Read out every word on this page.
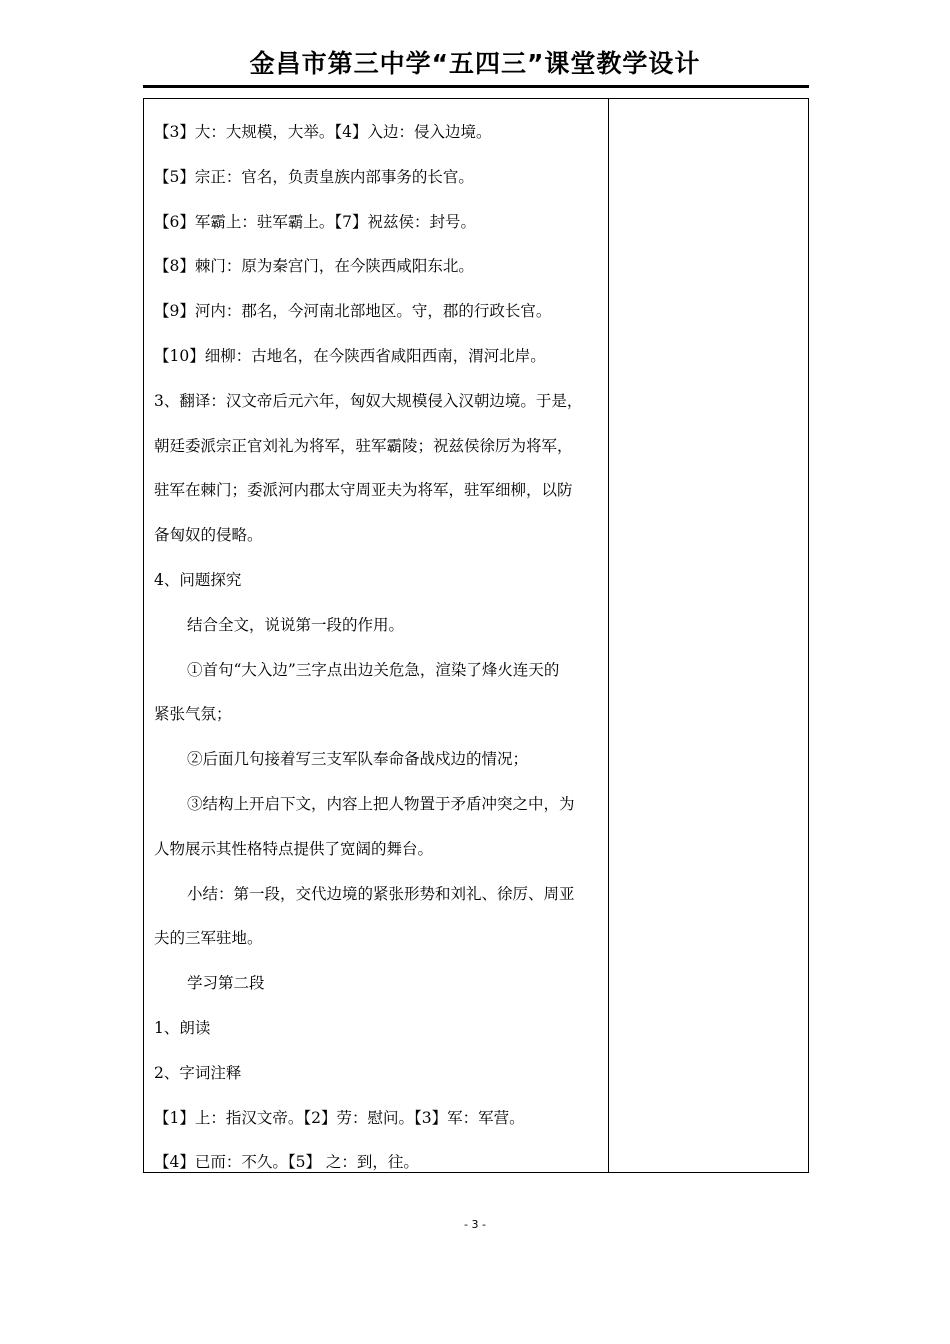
金昌市第三中学“五四三”课堂教学设计
【3】大：大规模，大举。【4】入边：侵入边境。
【5】宗正：官名，负责皇族内部事务的长官。
【6】军霸上：驻军霸上。【7】祝兹侯：封号。
【8】棘门：原为秦宫门，在今陕西咸阳东北。
【9】河内：郡名，今河南北部地区。守，郡的行政长官。
【10】细柳：古地名，在今陕西省咸阳西南，渭河北岸。
3、翻译：汉文帝后元六年，匈奴大规模侵入汉朝边境。于是，
朝廷委派宗正官刘礼为将军，驻军霸陵；祝兹侯徐厉为将军，
驻军在棘门；委派河内郡太守周亚夫为将军，驻军细柳，以防
备匈奴的侵略。
4、问题探究
结合全文，说说第一段的作用。
①首句“大入边”三字点出边关危急，渲染了烽火连天的
紧张气氛；
②后面几句接着写三支军队奉命备战戍边的情况；
③结构上开启下文，内容上把人物置于矛盾冲突之中，为
人物展示其性格特点提供了宽阔的舞台。
小结：第一段，交代边境的紧张形势和刘礼、徐厉、周亚
夫的三军驻地。
学习第二段
1、朗读
2、字词注释
【1】上：指汉文帝。【2】劳：慰问。【3】军：军营。
【4】已而：不久。【5】 之：到，往。
- 3 -
